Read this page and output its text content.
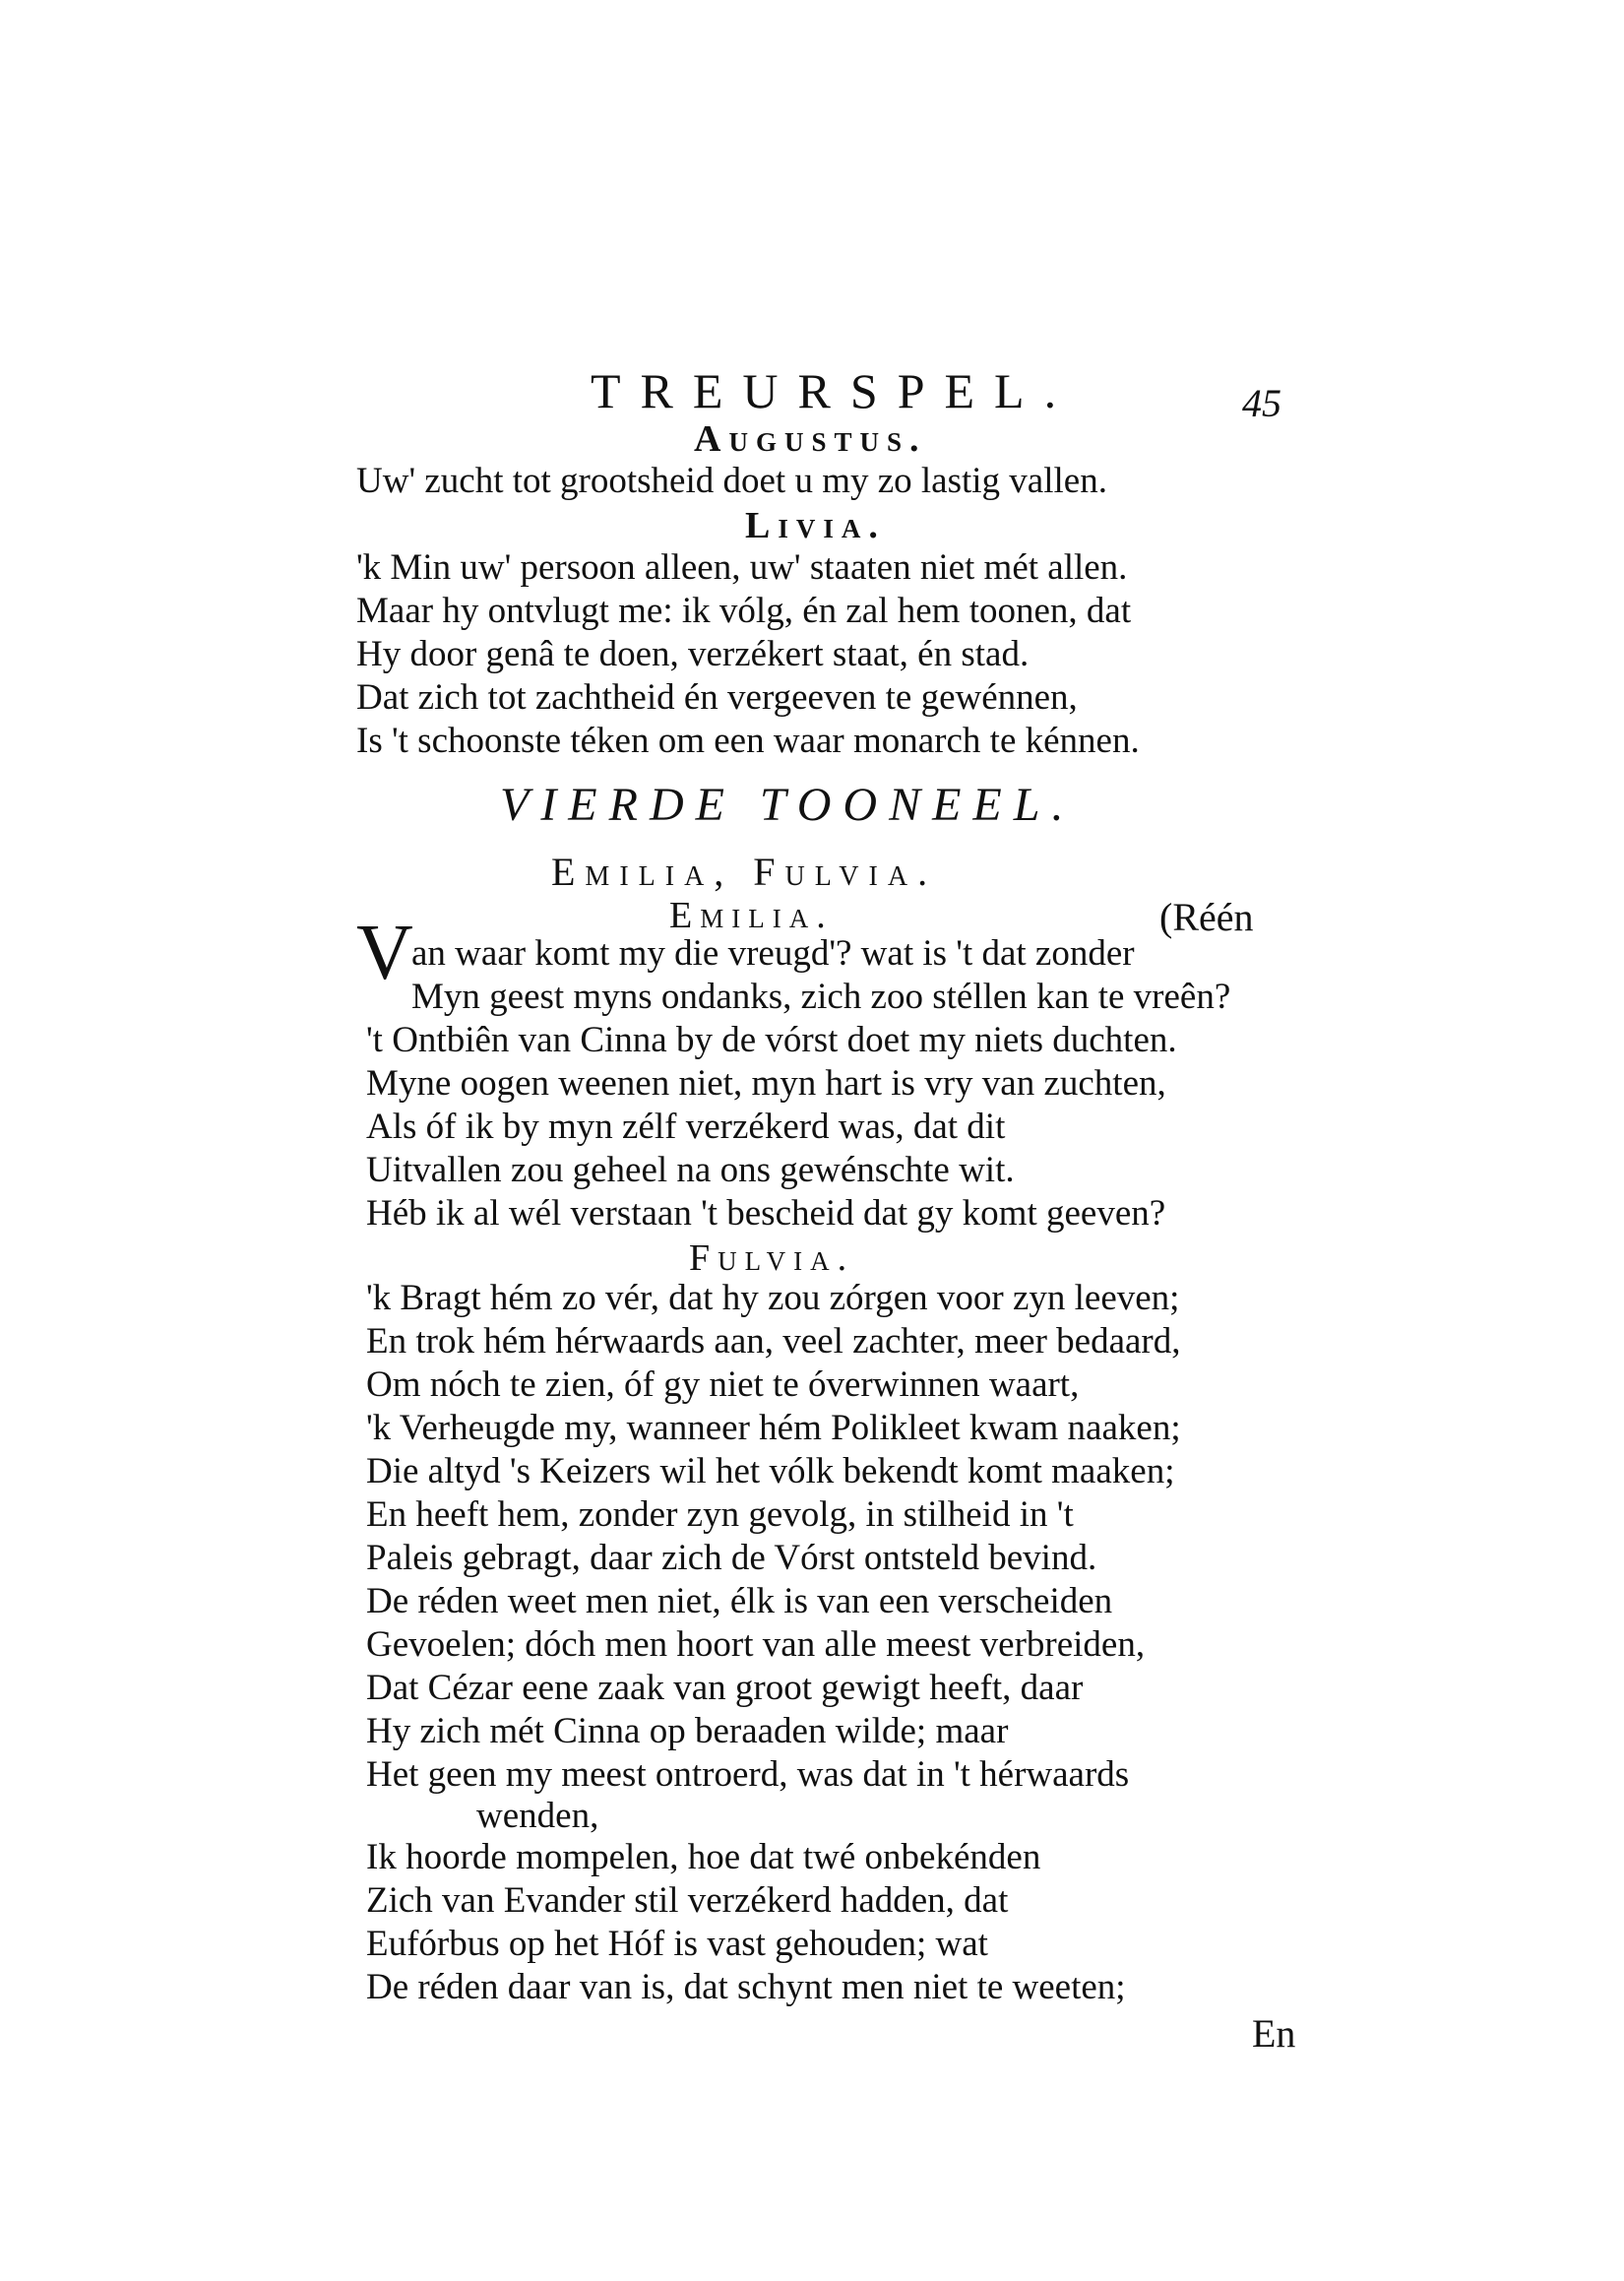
TREURSPEL.	45
Augustus.
Uw' zucht tot grootsheid doet u my zo lastig vallen.
Livia.
'k Min uw' persoon alleen, uw' staaten niet mét allen.
Maar hy ontvlugt me: ik vólg, én zal hem toonen, dat
Hy door genâ te doen, verzékert staat, én stad.
Dat zich tot zachtheid én vergeeven te gewénnen,
Is 't schoonste téken om een waar monarch te kénnen.
VIERDE TOONEEL.
Emilia, Fulvia.
Emilia.	(Réén
V
an waar komt my die vreugd'? wat is 't dat zonder
Myn geest myns ondanks, zich zoo stéllen kan te vreên?
't Ontbiên van Cinna by de vórst doet my niets duchten.
Myne oogen weenen niet, myn hart is vry van zuchten,
Als óf ik by myn zélf verzékerd was, dat dit
Uitvallen zou geheel na ons gewénschte wit.
Héb ik al wél verstaan 't bescheid dat gy komt geeven?
Fulvia.
'k Bragt hém zo vér, dat hy zou zórgen voor zyn leeven;
En trok hém hérwaards aan, veel zachter, meer bedaard,
Om nóch te zien, óf gy niet te óverwinnen waart,
'k Verheugde my, wanneer hém Polikleet kwam naaken;
Die altyd 's Keizers wil het vólk bekendt komt maaken;
En heeft hem, zonder zyn gevolg, in stilheid in 't
Paleis gebragt, daar zich de Vórst ontsteld bevind.
De réden weet men niet, élk is van een verscheiden
Gevoelen; dóch men hoort van alle meest verbreiden,
Dat Cézar eene zaak van groot gewigt heeft, daar
Hy zich mét Cinna op beraaden wilde; maar
Het geen my meest ontroerd, was dat in 't hérwaards
wenden,
Ik hoorde mompelen, hoe dat twé onbekénden
Zich van Evander stil verzékerd hadden, dat
Eufórbus op het Hóf is vast gehouden; wat
De réden daar van is, dat schynt men niet te weeten;
En
